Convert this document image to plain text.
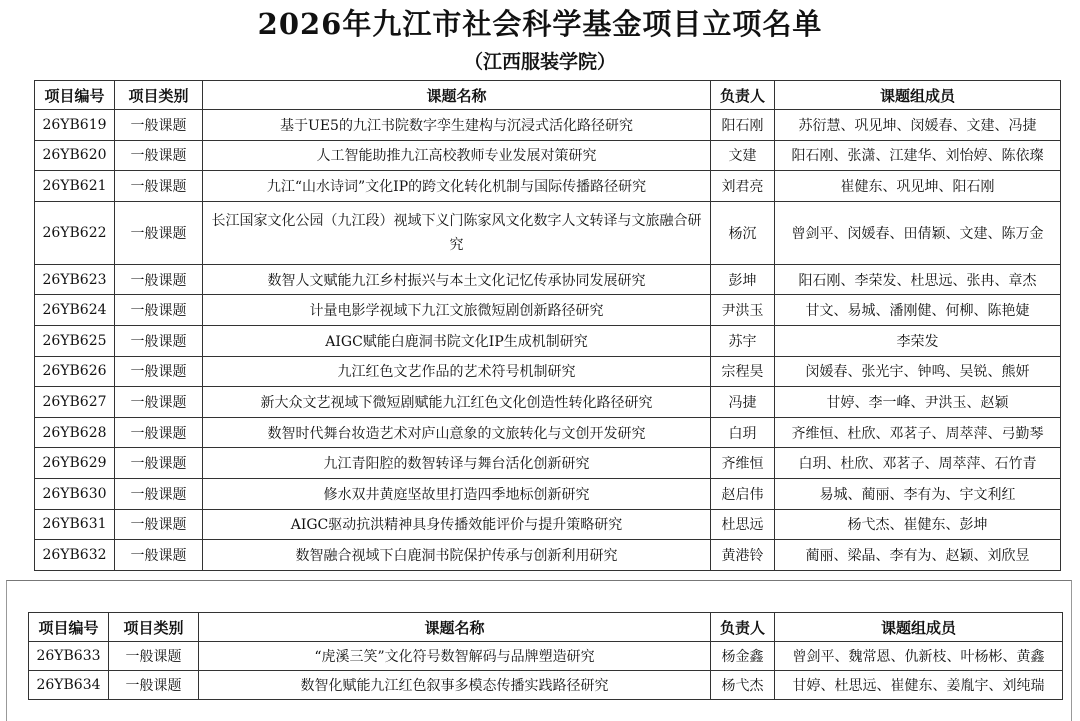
2026年九江市社会科学基金项目立项名单
（江西服装学院）
项目编号	项目类别	课题名称	负责人	课题组成员
26YB619	一般课题	基于UE5的九江书院数字孪生建构与沉浸式活化路径研究	阳石刚	苏衍慧、巩见坤、闵媛春、文建、冯捷
26YB620	一般课题	人工智能助推九江高校教师专业发展对策研究	文建	阳石刚、张潇、江建华、刘怡婷、陈依璨
26YB621	一般课题	九江“山水诗词”文化IP的跨文化转化机制与国际传播路径研究	刘君亮	崔健东、巩见坤、阳石刚
26YB622	一般课题	长江国家文化公园（九江段）视域下义门陈家风文化数字人文转译与文旅融合研究	杨沉	曾剑平、闵媛春、田倩颖、文建、陈万金
26YB623	一般课题	数智人文赋能九江乡村振兴与本土文化记忆传承协同发展研究	彭坤	阳石刚、李荣发、杜思远、张冉、章杰
26YB624	一般课题	计量电影学视域下九江文旅微短剧创新路径研究	尹洪玉	甘文、易城、潘刚健、何柳、陈艳婕
26YB625	一般课题	AIGC赋能白鹿洞书院文化IP生成机制研究	苏宇	李荣发
26YB626	一般课题	九江红色文艺作品的艺术符号机制研究	宗程昊	闵媛春、张光宇、钟鸣、吴锐、熊妍
26YB627	一般课题	新大众文艺视域下微短剧赋能九江红色文化创造性转化路径研究	冯捷	甘婷、李一峰、尹洪玉、赵颖
26YB628	一般课题	数智时代舞台妆造艺术对庐山意象的文旅转化与文创开发研究	白玥	齐维恒、杜欣、邓茗子、周萃萍、弓勤琴
26YB629	一般课题	九江青阳腔的数智转译与舞台活化创新研究	齐维恒	白玥、杜欣、邓茗子、周萃萍、石竹青
26YB630	一般课题	修水双井黄庭坚故里打造四季地标创新研究	赵启伟	易城、蔺丽、李有为、宇文利红
26YB631	一般课题	AIGC驱动抗洪精神具身传播效能评价与提升策略研究	杜思远	杨弋杰、崔健东、彭坤
26YB632	一般课题	数智融合视域下白鹿洞书院保护传承与创新利用研究	黄港铃	蔺丽、梁晶、李有为、赵颖、刘欣昱
项目编号	项目类别	课题名称	负责人	课题组成员
26YB633	一般课题	“虎溪三笑”文化符号数智解码与品牌塑造研究	杨金鑫	曾剑平、魏常恩、仇新枝、叶杨彬、黄鑫
26YB634	一般课题	数智化赋能九江红色叙事多模态传播实践路径研究	杨弋杰	甘婷、杜思远、崔健东、姜胤宇、刘纯瑞
